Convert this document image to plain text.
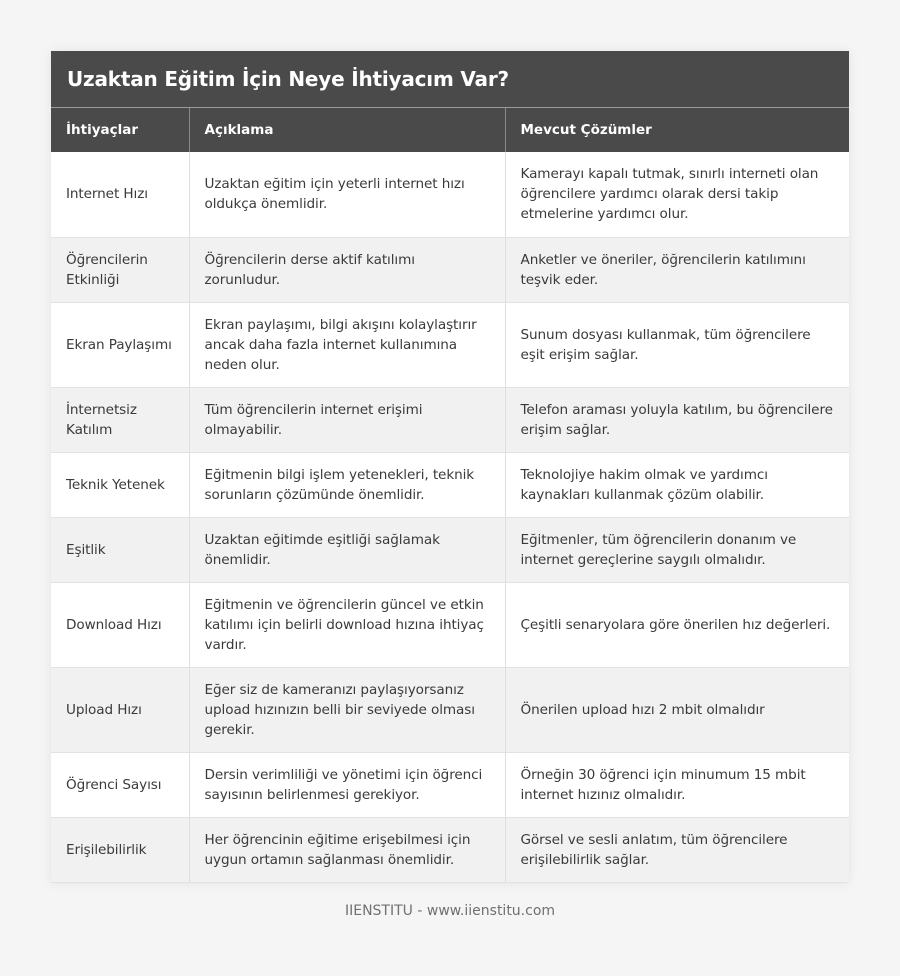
Uzaktan Eğitim İçin Neye İhtiyacım Var?
İhtiyaçlar	Açıklama	Mevcut Çözümler
Internet Hızı	Uzaktan eğitim için yeterli internet hızı oldukça önemlidir.	Kamerayı kapalı tutmak, sınırlı interneti olan öğrencilere yardımcı olarak dersi takip etmelerine yardımcı olur.
Öğrencilerin Etkinliği	Öğrencilerin derse aktif katılımı zorunludur.	Anketler ve öneriler, öğrencilerin katılımını teşvik eder.
Ekran Paylaşımı	Ekran paylaşımı, bilgi akışını kolaylaştırır ancak daha fazla internet kullanımına neden olur.	Sunum dosyası kullanmak, tüm öğrencilere eşit erişim sağlar.
İnternetsiz Katılım	Tüm öğrencilerin internet erişimi olmayabilir.	Telefon araması yoluyla katılım, bu öğrencilere erişim sağlar.
Teknik Yetenek	Eğitmenin bilgi işlem yetenekleri, teknik sorunların çözümünde önemlidir.	Teknolojiye hakim olmak ve yardımcı kaynakları kullanmak çözüm olabilir.
Eşitlik	Uzaktan eğitimde eşitliği sağlamak önemlidir.	Eğitmenler, tüm öğrencilerin donanım ve internet gereçlerine saygılı olmalıdır.
Download Hızı	Eğitmenin ve öğrencilerin güncel ve etkin katılımı için belirli download hızına ihtiyaç vardır.	Çeşitli senaryolara göre önerilen hız değerleri.
Upload Hızı	Eğer siz de kameranızı paylaşıyorsanız upload hızınızın belli bir seviyede olması gerekir.	Önerilen upload hızı 2 mbit olmalıdır
Öğrenci Sayısı	Dersin verimliliği ve yönetimi için öğrenci sayısının belirlenmesi gerekiyor.	Örneğin 30 öğrenci için minumum 15 mbit internet hızınız olmalıdır.
Erişilebilirlik	Her öğrencinin eğitime erişebilmesi için uygun ortamın sağlanması önemlidir.	Görsel ve sesli anlatım, tüm öğrencilere erişilebilirlik sağlar.
IIENSTITU - www.iienstitu.com
